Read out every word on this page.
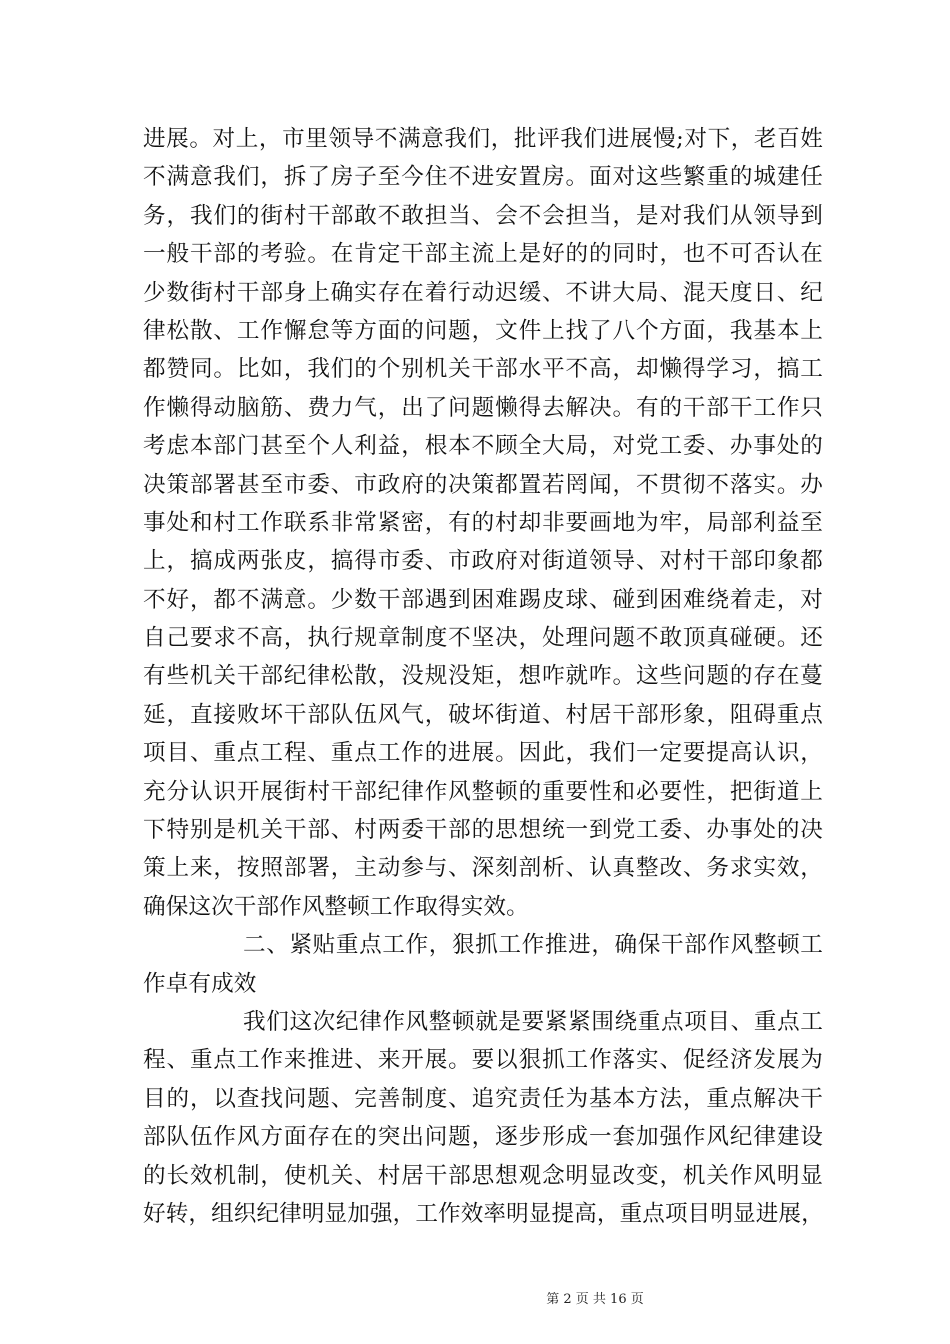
进展。对上，市里领导不满意我们，批评我们进展慢;对下，老百姓
不满意我们，拆了房子至今住不进安置房。面对这些繁重的城建任
务，我们的街村干部敢不敢担当、会不会担当，是对我们从领导到
一般干部的考验。在肯定干部主流上是好的的同时，也不可否认在
少数街村干部身上确实存在着行动迟缓、不讲大局、混天度日、纪
律松散、工作懈怠等方面的问题，文件上找了八个方面，我基本上
都赞同。比如，我们的个别机关干部水平不高，却懒得学习，搞工
作懒得动脑筋、费力气，出了问题懒得去解决。有的干部干工作只
考虑本部门甚至个人利益，根本不顾全大局，对党工委、办事处的
决策部署甚至市委、市政府的决策都置若罔闻，不贯彻不落实。办
事处和村工作联系非常紧密，有的村却非要画地为牢，局部利益至
上，搞成两张皮，搞得市委、市政府对街道领导、对村干部印象都
不好，都不满意。少数干部遇到困难踢皮球、碰到困难绕着走，对
自己要求不高，执行规章制度不坚决，处理问题不敢顶真碰硬。还
有些机关干部纪律松散，没规没矩，想咋就咋。这些问题的存在蔓
延，直接败坏干部队伍风气，破坏街道、村居干部形象，阻碍重点
项目、重点工程、重点工作的进展。因此，我们一定要提高认识，
充分认识开展街村干部纪律作风整顿的重要性和必要性，把街道上
下特别是机关干部、村两委干部的思想统一到党工委、办事处的决
策上来，按照部署，主动参与、深刻剖析、认真整改、务求实效，
确保这次干部作风整顿工作取得实效。
二、紧贴重点工作，狠抓工作推进，确保干部作风整顿工
作卓有成效
我们这次纪律作风整顿就是要紧紧围绕重点项目、重点工
程、重点工作来推进、来开展。要以狠抓工作落实、促经济发展为
目的，以查找问题、完善制度、追究责任为基本方法，重点解决干
部队伍作风方面存在的突出问题，逐步形成一套加强作风纪律建设
的长效机制，使机关、村居干部思想观念明显改变，机关作风明显
好转，组织纪律明显加强，工作效率明显提高，重点项目明显进展，
第 2 页 共 16 页
